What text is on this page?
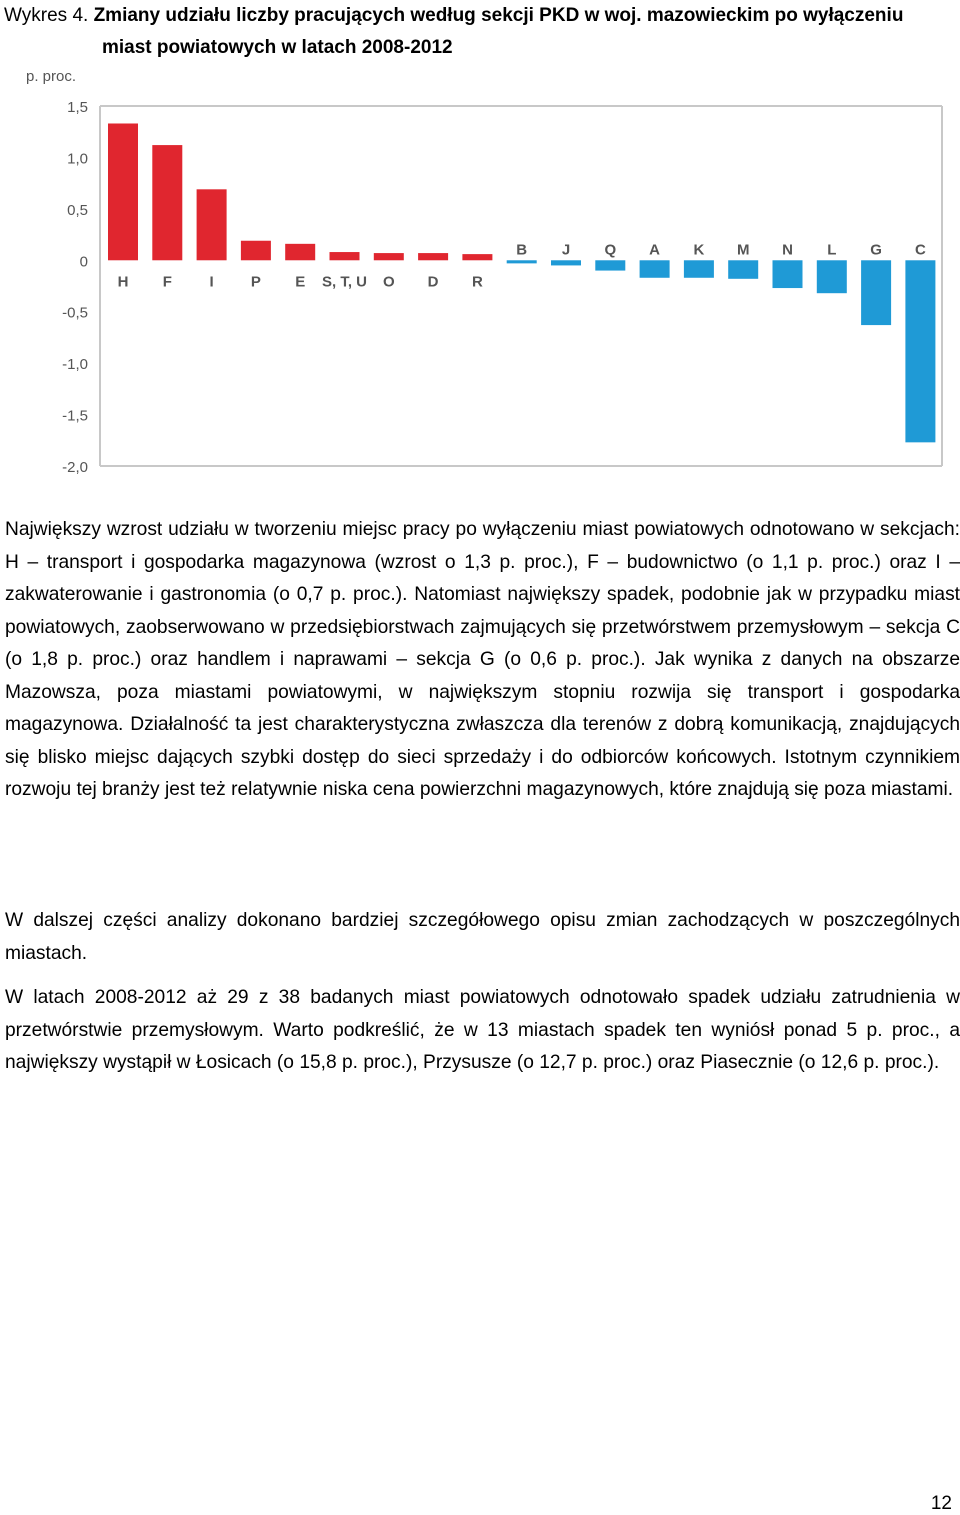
Wykres 4. Zmiany udziału liczby pracujących według sekcji PKD w woj. mazowieckim po wyłączeniu
miast powiatowych w latach 2008-2012
p. proc.
1,5
1,0
0,5
0
-0,5
-1,0
-1,5
-2,0
H F	I P E S, T, U O D R
B J Q A K M N L G C

Największy wzrost udziału w tworzeniu miejsc pracy po wyłączeniu miast powiatowych odnotowano w sekcjach: H – transport i gospodarka magazynowa (wzrost o 1,3 p. proc.), F – budownictwo (o 1,1 p. proc.) oraz I – zakwaterowanie i gastronomia (o 0,7 p. proc.). Natomiast największy spadek, podobnie jak w przypadku miast powiatowych, zaobserwowano w przedsiębiorstwach zajmujących się przetwórstwem przemysłowym – sekcja C (o 1,8 p. proc.) oraz handlem i naprawami – sekcja G (o 0,6 p. proc.). Jak wynika z danych na obszarze Mazowsza, poza miastami powiatowymi, w największym stopniu rozwija się transport i gospodarka magazynowa. Działalność ta jest charakterystyczna zwłaszcza dla terenów z dobrą komunikacją, znajdujących się blisko miejsc dających szybki dostęp do sieci sprzedaży i do odbiorców końcowych. Istotnym czynnikiem rozwoju tej branży jest też relatywnie niska cena powierzchni magazynowych, które znajdują się poza miastami.

W dalszej części analizy dokonano bardziej szczegółowego opisu zmian zachodzących w poszczególnych miastach.

W latach 2008-2012 aż 29 z 38 badanych miast powiatowych odnotowało spadek udziału zatrudnienia w przetwórstwie przemysłowym. Warto podkreślić, że w 13 miastach spadek ten wyniósł ponad 5 p. proc., a największy wystąpił w Łosicach (o 15,8 p. proc.), Przysusze (o 12,7 p. proc.) oraz Piasecznie (o 12,6 p. proc.).

12
